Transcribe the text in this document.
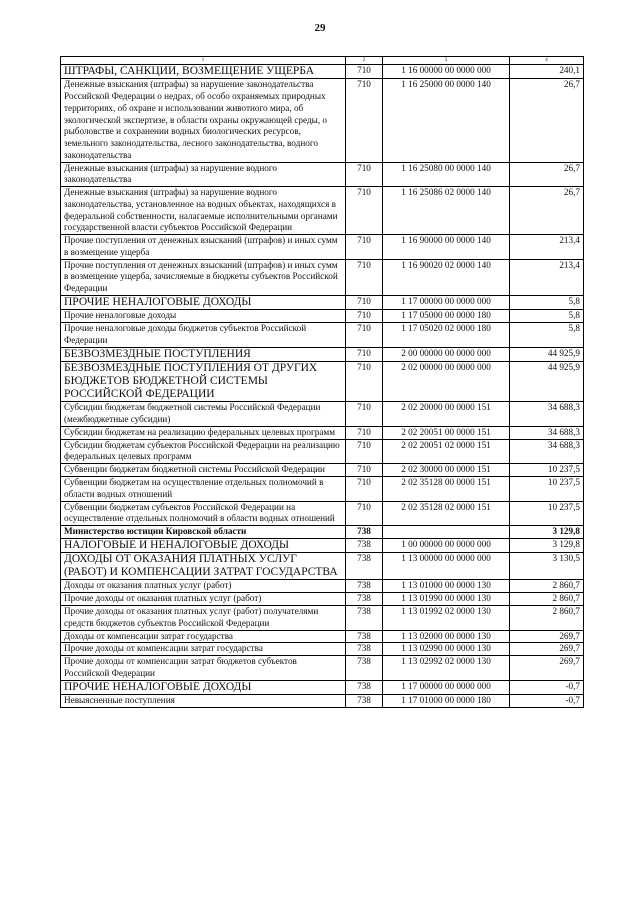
29
1	2	3	4
ШТРАФЫ, САНКЦИИ, ВОЗМЕЩЕНИЕ УЩЕРБА	710	1 16 00000 00 0000 000	240,1
Денежные взыскания (штрафы) за нарушение законодательства Российской Федерации о недрах, об особо охраняемых природных территориях, об охране и использовании животного мира, об экологической экспертизе, в области охраны окружающей среды, о рыболовстве и сохранении водных биологических ресурсов, земельного законодательства, лесного законодательства, водного законодательства	710	1 16 25000 00 0000 140	26,7
Денежные взыскания (штрафы) за нарушение водного законодательства	710	1 16 25080 00 0000 140	26,7
Денежные взыскания (штрафы) за нарушение водного законодательства, установленное на водных объектах, находящихся в федеральной собственности, налагаемые исполнительными органами государственной власти субъектов Российской Федерации	710	1 16 25086 02 0000 140	26,7
Прочие поступления от денежных взысканий (штрафов) и иных сумм в возмещение ущерба	710	1 16 90000 00 0000 140	213,4
Прочие поступления от денежных взысканий (штрафов) и иных сумм в возмещение ущерба, зачисляемые в бюджеты субъектов Российской Федерации	710	1 16 90020 02 0000 140	213,4
ПРОЧИЕ НЕНАЛОГОВЫЕ ДОХОДЫ	710	1 17 00000 00 0000 000	5,8
Прочие неналоговые доходы	710	1 17 05000 00 0000 180	5,8
Прочие неналоговые доходы бюджетов субъектов Российской Федерации	710	1 17 05020 02 0000 180	5,8
БЕЗВОЗМЕЗДНЫЕ ПОСТУПЛЕНИЯ	710	2 00 00000 00 0000 000	44 925,9
БЕЗВОЗМЕЗДНЫЕ ПОСТУПЛЕНИЯ ОТ ДРУГИХ БЮДЖЕТОВ БЮДЖЕТНОЙ СИСТЕМЫ РОССИЙСКОЙ ФЕДЕРАЦИИ	710	2 02 00000 00 0000 000	44 925,9
Субсидии бюджетам бюджетной системы Российской Федерации (межбюджетные субсидии)	710	2 02 20000 00 0000 151	34 688,3
Субсидии бюджетам на реализацию федеральных целевых программ	710	2 02 20051 00 0000 151	34 688,3
Субсидии бюджетам субъектов Российской Федерации на реализацию федеральных целевых программ	710	2 02 20051 02 0000 151	34 688,3
Субвенции бюджетам бюджетной системы Российской Федерации	710	2 02 30000 00 0000 151	10 237,5
Субвенции бюджетам на осуществление отдельных полномочий в области водных отношений	710	2 02 35128 00 0000 151	10 237,5
Субвенции бюджетам субъектов Российской Федерации на осуществление отдельных полномочий в области водных отношений	710	2 02 35128 02 0000 151	10 237,5
Министерство юстиции Кировской области	738		3 129,8
НАЛОГОВЫЕ И НЕНАЛОГОВЫЕ ДОХОДЫ	738	1 00 00000 00 0000 000	3 129,8
ДОХОДЫ ОТ ОКАЗАНИЯ ПЛАТНЫХ УСЛУГ (РАБОТ) И КОМПЕНСАЦИИ ЗАТРАТ ГОСУДАРСТВА	738	1 13 00000 00 0000 000	3 130,5
Доходы от оказания платных услуг (работ)	738	1 13 01000 00 0000 130	2 860,7
Прочие доходы от оказания платных услуг (работ)	738	1 13 01990 00 0000 130	2 860,7
Прочие доходы от оказания платных услуг (работ) получателями средств бюджетов субъектов Российской Федерации	738	1 13 01992 02 0000 130	2 860,7
Доходы от компенсации затрат государства	738	1 13 02000 00 0000 130	269,7
Прочие доходы от компенсации затрат государства	738	1 13 02990 00 0000 130	269,7
Прочие доходы от компенсации затрат бюджетов субъектов Российской Федерации	738	1 13 02992 02 0000 130	269,7
ПРОЧИЕ НЕНАЛОГОВЫЕ ДОХОДЫ	738	1 17 00000 00 0000 000	-0,7
Невыясненные поступления	738	1 17 01000 00 0000 180	-0,7
